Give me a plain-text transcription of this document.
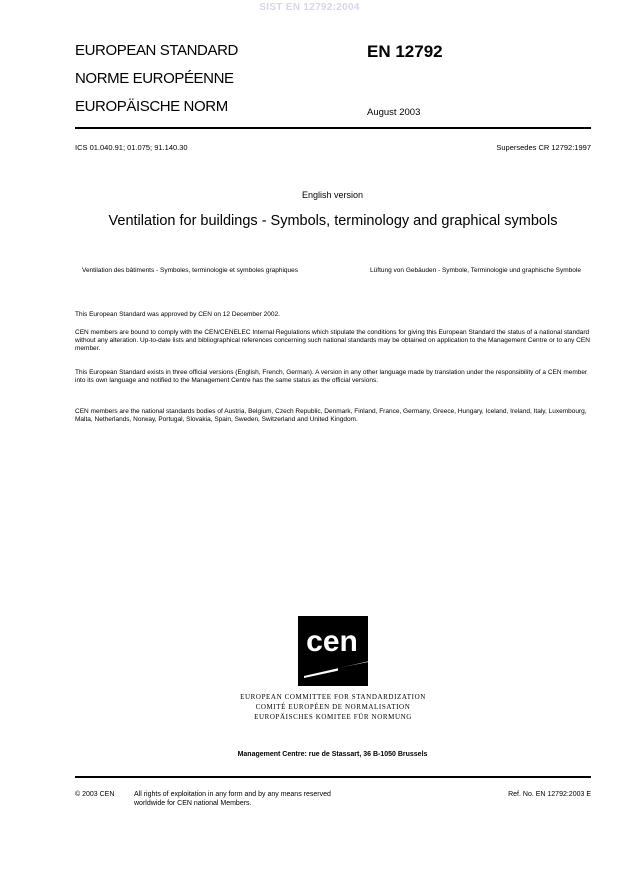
SIST EN 12792:2004
EUROPEAN STANDARD
NORME EUROPÉENNE
EUROPÄISCHE NORM
EN 12792
August 2003
ICS 01.040.91; 01.075; 91.140.30	Supersedes CR 12792:1997
English version
Ventilation for buildings - Symbols, terminology and graphical symbols
Ventilation des bâtiments - Symboles, terminologie et symboles graphiques	Lüftung von Gebäuden - Symbole, Terminologie und graphische Symbole
This European Standard was approved by CEN on 12 December 2002.
CEN members are bound to comply with the CEN/CENELEC Internal Regulations which stipulate the conditions for giving this European Standard the status of a national standard without any alteration. Up-to-date lists and bibliographical references concerning such national standards may be obtained on application to the Management Centre or to any CEN member.
This European Standard exists in three official versions (English, French, German). A version in any other language made by translation under the responsibility of a CEN member into its own language and notified to the Management Centre has the same status as the official versions.
CEN members are the national standards bodies of Austria, Belgium, Czech Republic, Denmark, Finland, France, Germany, Greece, Hungary, Iceland, Ireland, Italy, Luxembourg, Malta, Netherlands, Norway, Portugal, Slovakia, Spain, Sweden, Switzerland and United Kingdom.
cen
EUROPEAN COMMITTEE FOR STANDARDIZATION
COMITÉ EUROPÉEN DE NORMALISATION
EUROPÄISCHES KOMITEE FÜR NORMUNG
Management Centre: rue de Stassart, 36 B-1050 Brussels
© 2003 CEN	All rights of exploitation in any form and by any means reserved
worldwide for CEN national Members.
Ref. No. EN 12792:2003 E
